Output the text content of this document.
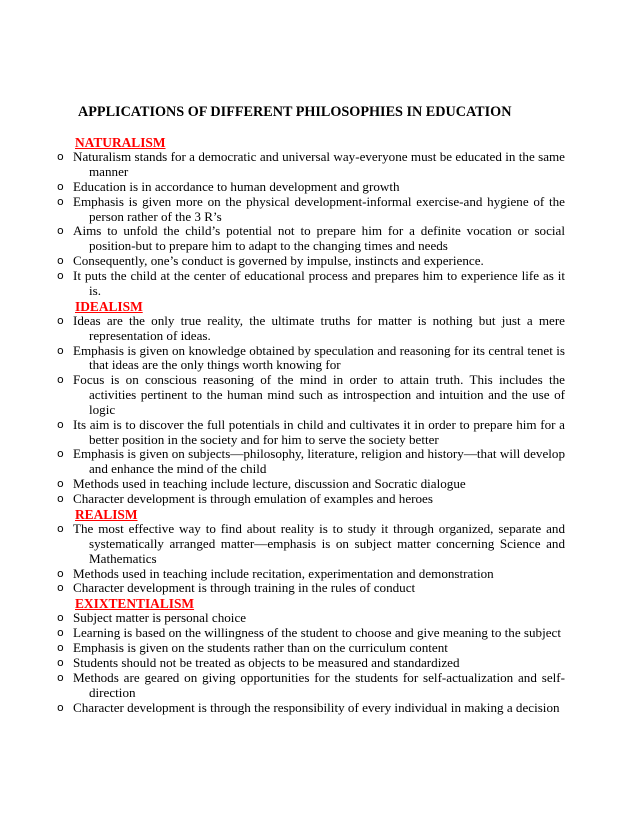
APPLICATIONS OF DIFFERENT PHILOSOPHIES IN EDUCATION
NATURALISM
o Naturalism stands for a democratic and universal way-everyone must be educated in the same manner
o Education is in accordance to human development and growth
o Emphasis is given more on the physical development-informal exercise-and hygiene of the person rather of the 3 R’s
o Aims to unfold the child’s potential not to prepare him for a definite vocation or social position-but to prepare him to adapt to the changing times and needs
o Consequently, one’s conduct is governed by impulse, instincts and experience.
o It puts the child at the center of educational process and prepares him to experience life as it is.
IDEALISM
o Ideas are the only true reality, the ultimate truths for matter is nothing but just a mere representation of ideas.
o Emphasis is given on knowledge obtained by speculation and reasoning for its central tenet is that ideas are the only things worth knowing for
o Focus is on conscious reasoning of the mind in order to attain truth. This includes the activities pertinent to the human mind such as introspection and intuition and the use of logic
o Its aim is to discover the full potentials in child and cultivates it in order to prepare him for a better position in the society and for him to serve the society better
o Emphasis is given on subjects—philosophy, literature, religion and history—that will develop and enhance the mind of the child
o Methods used in teaching include lecture, discussion and Socratic dialogue
o Character development is through emulation of examples and heroes
REALISM
o The most effective way to find about reality is to study it through organized, separate and systematically arranged matter—emphasis is on subject matter concerning Science and Mathematics
o Methods used in teaching include recitation, experimentation and demonstration
o Character development is through training in the rules of conduct
EXIXTENTIALISM
o Subject matter is personal choice
o Learning is based on the willingness of the student to choose and give meaning to the subject
o Emphasis is given on the students rather than on the curriculum content
o Students should not be treated as objects to be measured and standardized
o Methods are geared on giving opportunities for the students for self-actualization and self-direction
o Character development is through the responsibility of every individual in making a decision
